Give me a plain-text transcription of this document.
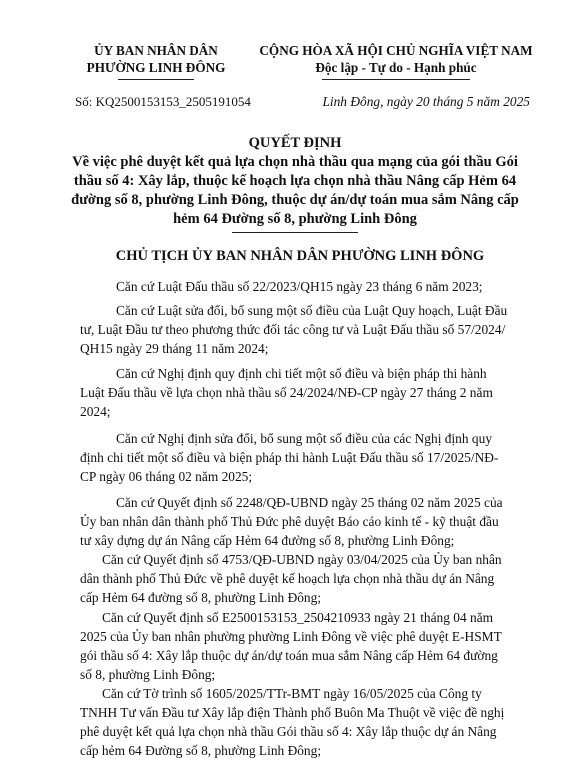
ỦY BAN NHÂN DÂN
PHƯỜNG LINH ĐÔNG
CỘNG HÒA XÃ HỘI CHỦ NGHĨA VIỆT NAM
Độc lập - Tự do - Hạnh phúc
Số: KQ2500153153_2505191054	Linh Đông, ngày 20 tháng 5 năm 2025
QUYẾT ĐỊNH
Về việc phê duyệt kết quả lựa chọn nhà thầu qua mạng của gói thầu Gói
thầu số 4: Xây lắp, thuộc kế hoạch lựa chọn nhà thầu Nâng cấp Hẻm 64
đường số 8, phường Linh Đông, thuộc dự án/dự toán mua sắm Nâng cấp
hẻm 64 Đường số 8, phường Linh Đông
CHỦ TỊCH ỦY BAN NHÂN DÂN PHƯỜNG LINH ĐÔNG
Căn cứ Luật Đấu thầu số 22/2023/QH15 ngày 23 tháng 6 năm 2023;
Căn cứ Luật sửa đổi, bổ sung một số điều của Luật Quy hoạch, Luật Đầu
tư, Luật Đầu tư theo phương thức đối tác công tư và Luật Đấu thầu số 57/2024/
QH15 ngày 29 tháng 11 năm 2024;
Căn cứ Nghị định quy định chi tiết một số điều và biện pháp thi hành
Luật Đấu thầu về lựa chọn nhà thầu số 24/2024/NĐ-CP ngày 27 tháng 2 năm
2024;
Căn cứ Nghị định sửa đổi, bổ sung một số điều của các Nghị định quy
định chi tiết một số điều và biện pháp thi hành Luật Đấu thầu số 17/2025/NĐ-
CP ngày 06 tháng 02 năm 2025;
Căn cứ Quyết định số 2248/QĐ-UBND ngày 25 tháng 02 năm 2025 của
Ủy ban nhân dân thành phố Thủ Đức phê duyệt Báo cáo kinh tế - kỹ thuật đầu
tư xây dựng dự án Nâng cấp Hẻm 64 đường số 8, phường Linh Đông;
Căn cứ Quyết định số 4753/QĐ-UBND ngày 03/04/2025 của Ủy ban nhân
dân thành phố Thủ Đức về phê duyệt kế hoạch lựa chọn nhà thầu dự án Nâng
cấp Hẻm 64 đường số 8, phường Linh Đông;
Căn cứ Quyết định số E2500153153_2504210933 ngày 21 tháng 04 năm
2025 của Ủy ban nhân phường phường Linh Đông về việc phê duyệt E-HSMT
gói thầu số 4: Xây lắp thuộc dự án/dự toán mua sắm Nâng cấp Hẻm 64 đường
số 8, phường Linh Đông;
Căn cứ Tờ trình số 1605/2025/TTr-BMT ngày 16/05/2025 của Công ty
TNHH Tư vấn Đầu tư Xây lắp điện Thành phố Buôn Ma Thuột về việc đề nghị
phê duyệt kết quả lựa chọn nhà thầu Gói thầu số 4: Xây lắp thuộc dự án Nâng
cấp hẻm 64 Đường số 8, phường Linh Đông;
